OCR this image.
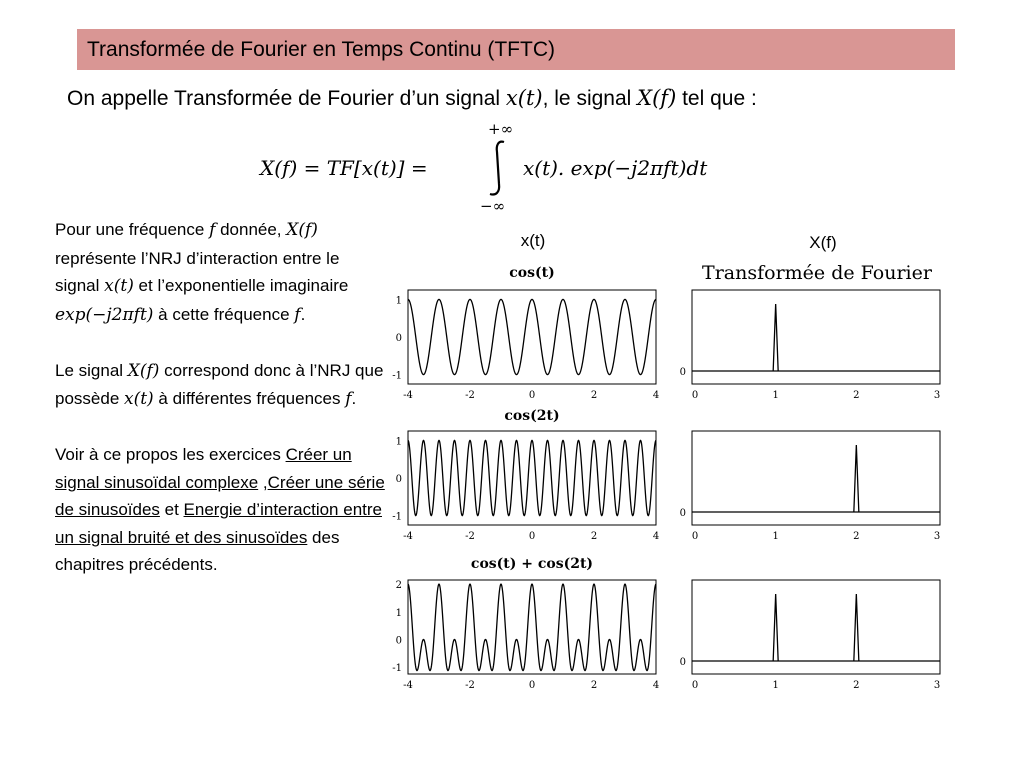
Transformée de Fourier en Temps Continu (TFTC)
On appelle Transformée de Fourier d’un signal x(t), le signal X(f) tel que :
X(f) = TF[x(t)] =
+∞
−∞
x(t). exp(−j2πft)dt

Pour une fréquence f donnée, X(f) représente l’NRJ d’interaction entre le signal x(t) et l’exponentielle imaginaire exp(−j2πft) à cette fréquence f.

Le signal X(f) correspond donc à l’NRJ que possède x(t) à différentes fréquences f.

Voir à ce propos les exercices Créer un signal sinusoïdal complexe ,Créer une série de sinusoïdes et Energie d’interaction entre un signal bruité et des sinusoïdes des chapitres précédents.

x(t)	X(f)
Transformée de Fourier
cos(t)
1
0
-1
-4	-2	0	2	4
cos(2t)
1
0
-1
-4	-2	0	2	4
cos(t) + cos(2t)
2
1
0
-1
-4	-2	0	2	4
0
0	1	2	3
0
0	1	2	3
0
0	1	2	3
